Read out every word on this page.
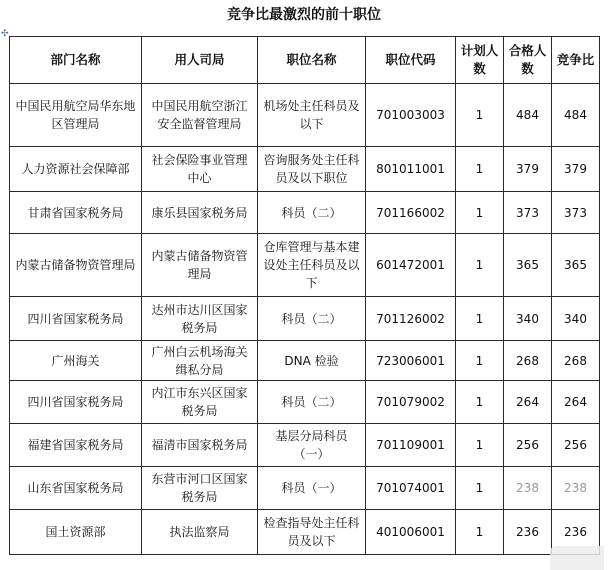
竞争比最激烈的前十职位
✣
部门名称	用人司局	职位名称	职位代码	计划人数	合格人数	竞争比
中国民用航空局华东地区管理局	中国民用航空浙江安全监督管理局	机场处主任科员及以下	701003003	1	484	484
人力资源社会保障部	社会保险事业管理中心	咨询服务处主任科员及以下职位	801011001	1	379	379
甘肃省国家税务局	康乐县国家税务局	科员（二）	701166002	1	373	373
内蒙古储备物资管理局	内蒙古储备物资管理局	仓库管理与基本建设处主任科员及以下	601472001	1	365	365
四川省国家税务局	达州市达川区国家税务局	科员（二）	701126002	1	340	340
广州海关	广州白云机场海关缉私分局	DNA 检验	723006001	1	268	268
四川省国家税务局	内江市东兴区国家税务局	科员（二）	701079002	1	264	264
福建省国家税务局	福清市国家税务局	基层分局科员（一）	701109001	1	256	256
山东省国家税务局	东营市河口区国家税务局	科员（一）	701074001	1	238	238
国土资源部	执法监察局	检查指导处主任科员及以下	401006001	1	236	236
